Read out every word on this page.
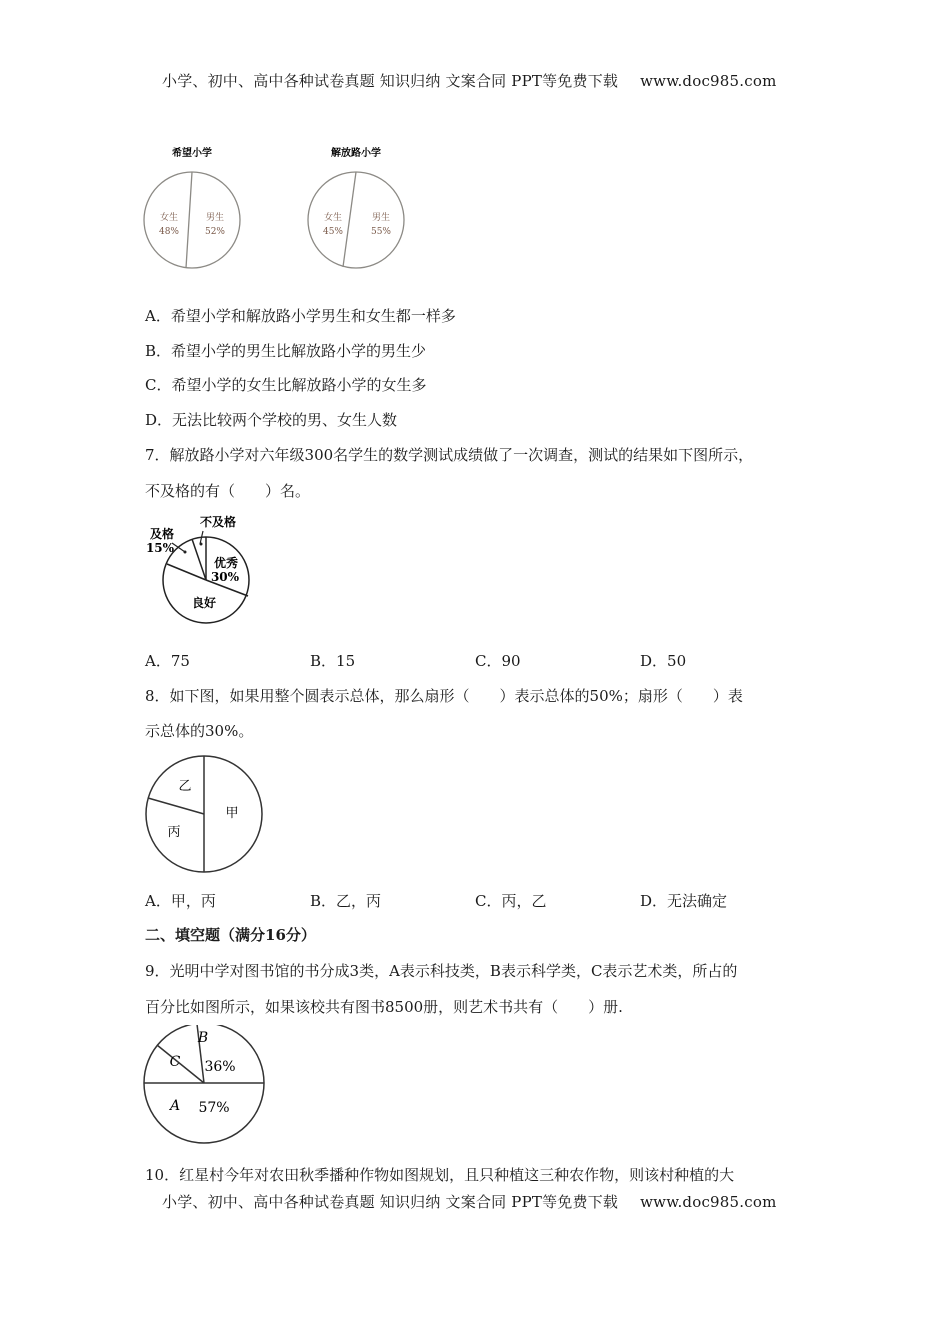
小学、初中、高中各种试卷真题 知识归纳 文案合同 PPT等免费下载 www.doc985.com
希望小学
女生
48%
男生
52%
解放路小学
女生
45%
男生
55%
A．希望小学和解放路小学男生和女生都一样多
B．希望小学的男生比解放路小学的男生少
C．希望小学的女生比解放路小学的女生多
D．无法比较两个学校的男、女生人数
7．解放路小学对六年级300名学生的数学测试成绩做了一次调查，测试的结果如下图所示，
不及格的有（　　）名。
不及格
及格
15%
优秀
30%
良好
A．75	B．15	C．90	D．50
8．如下图，如果用整个圆表示总体，那么扇形（　　）表示总体的50%；扇形（　　）表
示总体的30%。
甲
乙
丙
A．甲，丙	B．乙，丙	C．丙，乙	D．无法确定
二、填空题（满分16分）
9．光明中学对图书馆的书分成3类，A表示科技类，B表示科学类，C表示艺术类，所占的
百分比如图所示，如果该校共有图书8500册，则艺术书共有（　　）册.
B
36%
C
A 57%
10．红星村今年对农田秋季播种作物如图规划，且只种植这三种农作物，则该村种植的大
小学、初中、高中各种试卷真题 知识归纳 文案合同 PPT等免费下载 www.doc985.com
